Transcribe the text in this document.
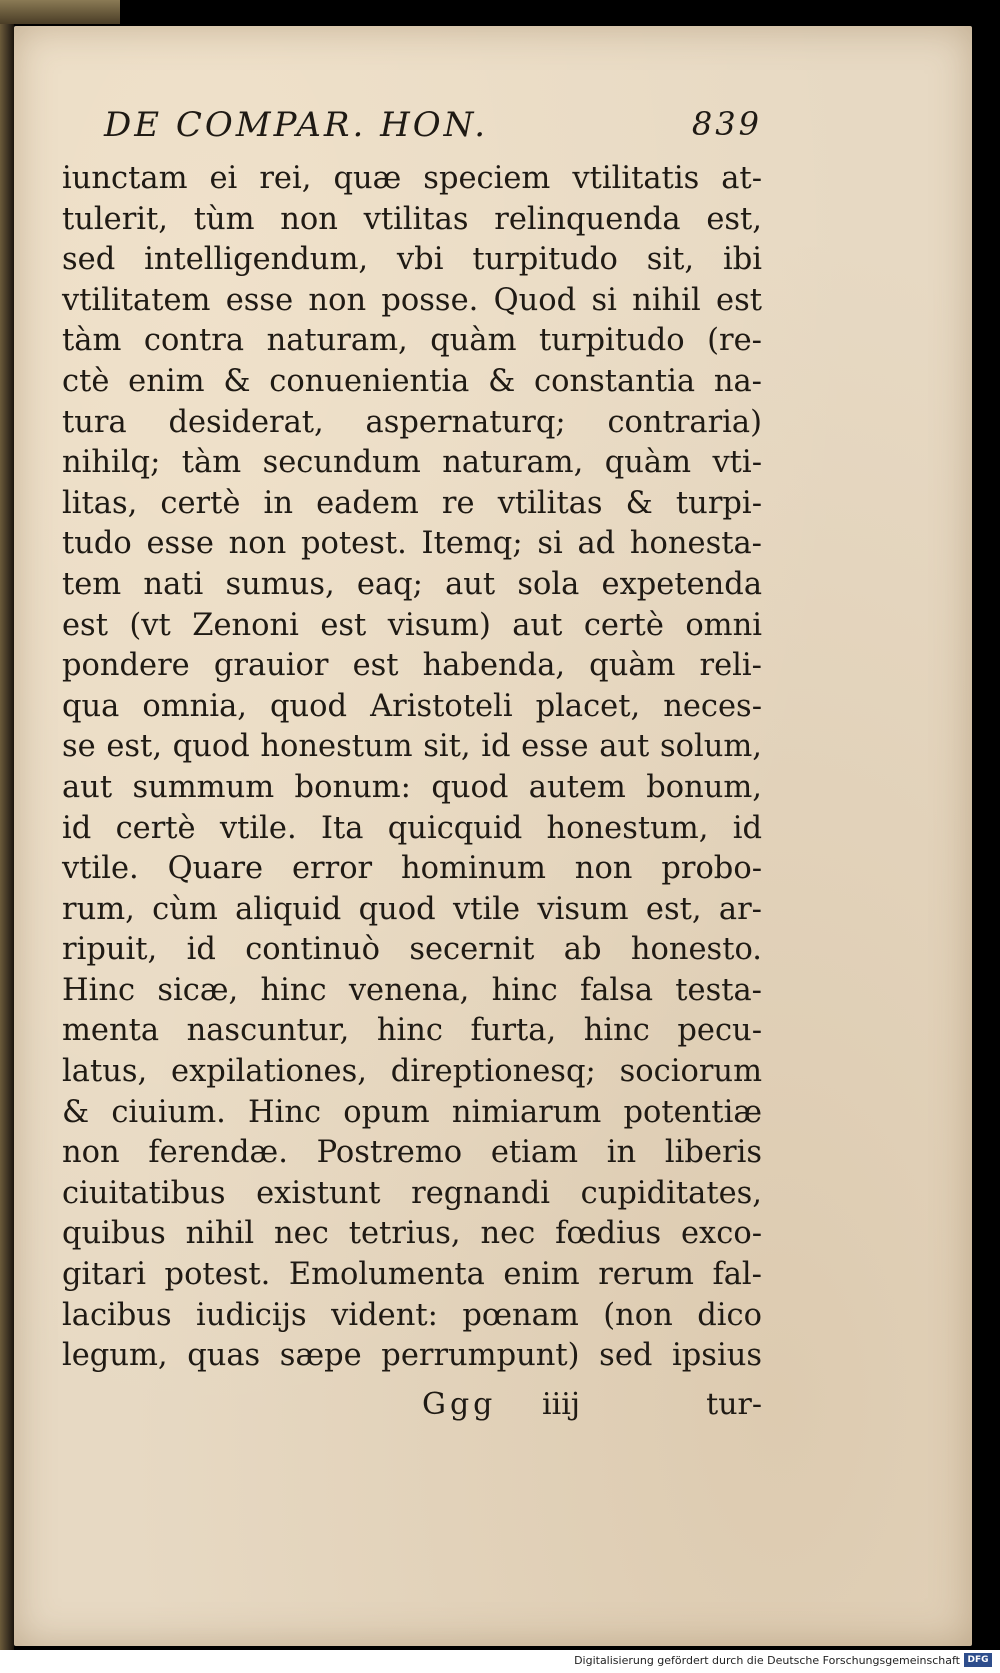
DE COMPAR. HON.	839
iunctam ei rei, quæ speciem vtilitatis at-
tulerit, tùm non vtilitas relinquenda est,
sed intelligendum, vbi turpitudo sit, ibi
vtilitatem esse non posse. Quod si nihil est
tàm contra naturam, quàm turpitudo (re-
ctè enim & conuenientia & constantia na-
tura desiderat, aspernaturq; contraria)
nihilq; tàm secundum naturam, quàm vti-
litas, certè in eadem re vtilitas & turpi-
tudo esse non potest. Itemq; si ad honesta-
tem nati sumus, eaq; aut sola expetenda
est (vt Zenoni est visum) aut certè omni
pondere grauior est habenda, quàm reli-
qua omnia, quod Aristoteli placet, neces-
se est, quod honestum sit, id esse aut solum,
aut summum bonum: quod autem bonum,
id certè vtile. Ita quicquid honestum, id
vtile. Quare error hominum non probo-
rum, cùm aliquid quod vtile visum est, ar-
ripuit, id continuò secernit ab honesto.
Hinc sicæ, hinc venena, hinc falsa testa-
menta nascuntur, hinc furta, hinc pecu-
latus, expilationes, direptionesq; sociorum
& ciuium. Hinc opum nimiarum potentiæ
non ferendæ. Postremo etiam in liberis
ciuitatibus existunt regnandi cupiditates,
quibus nihil nec tetrius, nec fœdius exco-
gitari potest. Emolumenta enim rerum fal-
lacibus iudicijs vident: pœnam (non dico
legum, quas sæpe perrumpunt) sed ipsius
Ggg iiij	tur-
Digitalisierung gefördert durch die Deutsche Forschungsgemeinschaft DFG
